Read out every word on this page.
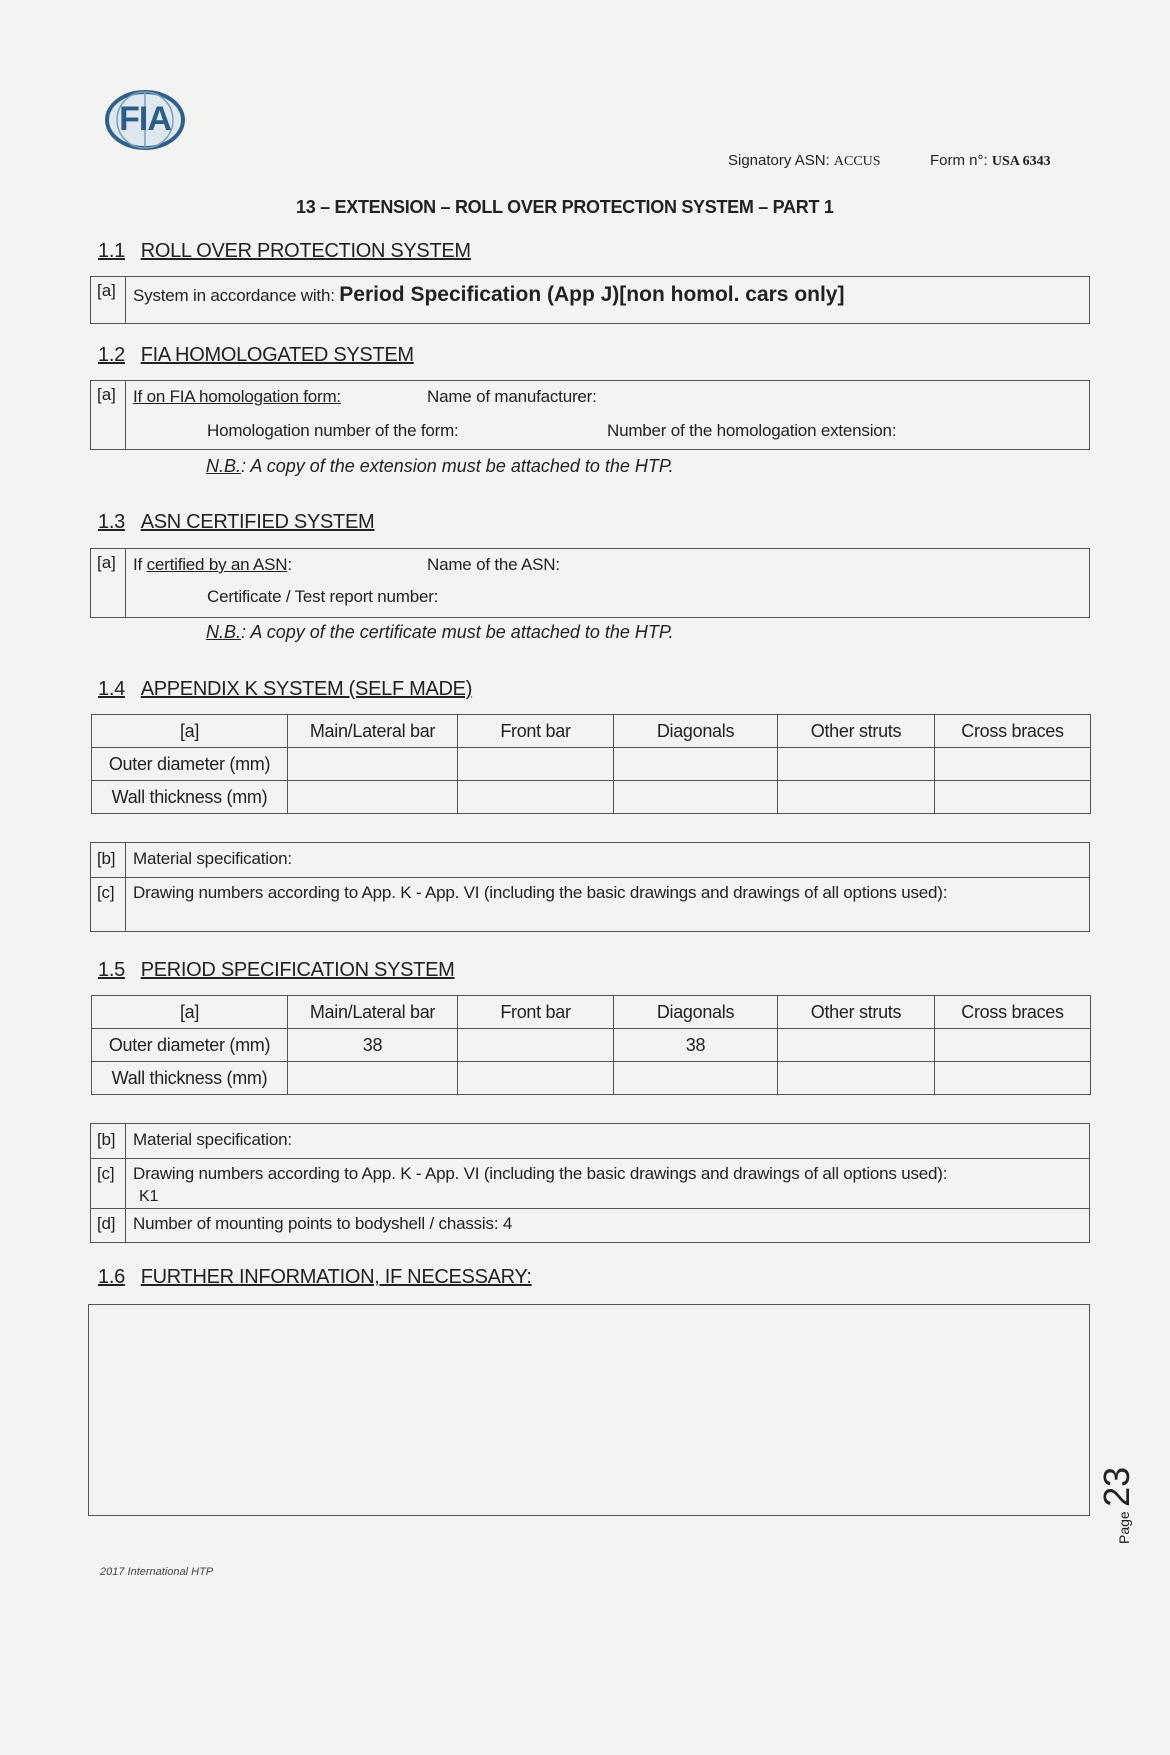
FIA
Signatory ASN: ACCUS	Form n°: USA 6343
13 – EXTENSION – ROLL OVER PROTECTION SYSTEM – PART 1
1.1 ROLL OVER PROTECTION SYSTEM
[a] System in accordance with: Period Specification (App J)[non homol. cars only]
1.2 FIA HOMOLOGATED SYSTEM
[a] If on FIA homologation form:	Name of manufacturer:
Homologation number of the form:	Number of the homologation extension:
N.B.: A copy of the extension must be attached to the HTP.
1.3 ASN CERTIFIED SYSTEM
[a] If certified by an ASN:	Name of the ASN:
Certificate / Test report number:
N.B.: A copy of the certificate must be attached to the HTP.
1.4 APPENDIX K SYSTEM (SELF MADE)
[a]	Main/Lateral bar	Front bar	Diagonals	Other struts	Cross braces
Outer diameter (mm)					
Wall thickness (mm)					
[b] Material specification:
[c] Drawing numbers according to App. K - App. VI (including the basic drawings and drawings of all options used):
1.5 PERIOD SPECIFICATION SYSTEM
[a]	Main/Lateral bar	Front bar	Diagonals	Other struts	Cross braces
Outer diameter (mm)	38		38		
Wall thickness (mm)					
[b] Material specification:
[c] Drawing numbers according to App. K - App. VI (including the basic drawings and drawings of all options used):
K1
[d] Number of mounting points to bodyshell / chassis: 4
1.6 FURTHER INFORMATION, IF NECESSARY:
Page 23
2017 International HTP
